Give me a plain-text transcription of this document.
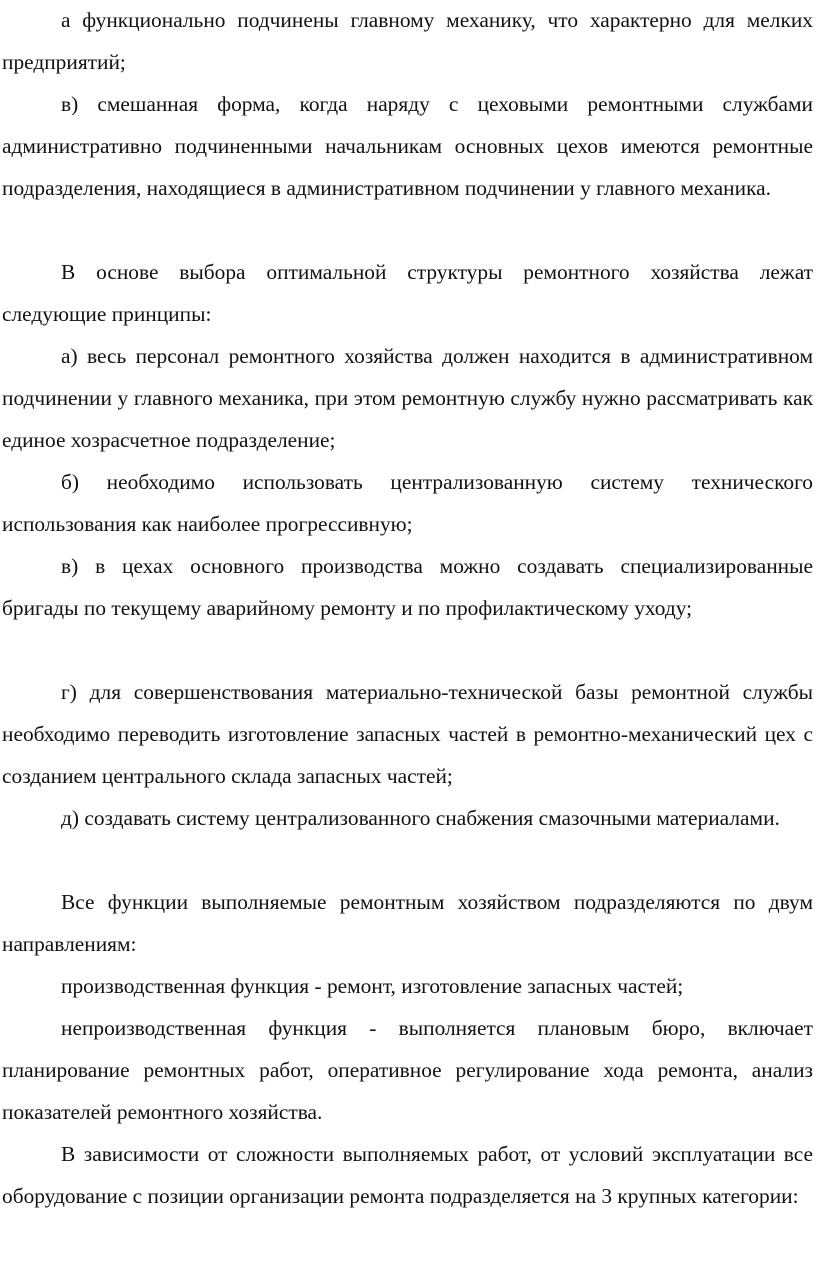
а функционально подчинены главному механику, что характерно для мелких предприятий;

в) смешанная форма, когда наряду с цеховыми ремонтными службами административно подчиненными начальникам основных цехов имеются ремонтные подразделения, находящиеся в административном подчинении у главного механика.

В основе выбора оптимальной структуры ремонтного хозяйства лежат следующие принципы:

а) весь персонал ремонтного хозяйства должен находится в административном подчинении у главного механика, при этом ремонтную службу нужно рассматривать как единое хозрасчетное подразделение;

б) необходимо использовать централизованную систему технического использования как наиболее прогрессивную;

в) в цехах основного производства можно создавать специализированные бригады по текущему аварийному ремонту и по профилактическому уходу;

г) для совершенствования материально-технической базы ремонтной службы необходимо переводить изготовление запасных частей в ремонтно-механический цех с созданием центрального склада запасных частей;

д) создавать систему централизованного снабжения смазочными материалами.

Все функции выполняемые ремонтным хозяйством подразделяются по двум направлениям:

производственная функция - ремонт, изготовление запасных частей;

непроизводственная функция - выполняется плановым бюро, включает планирование ремонтных работ, оперативное регулирование хода ремонта, анализ показателей ремонтного хозяйства.

В зависимости от сложности выполняемых работ, от условий эксплуатации все оборудование с позиции организации ремонта подразделяется на 3 крупных категории:
